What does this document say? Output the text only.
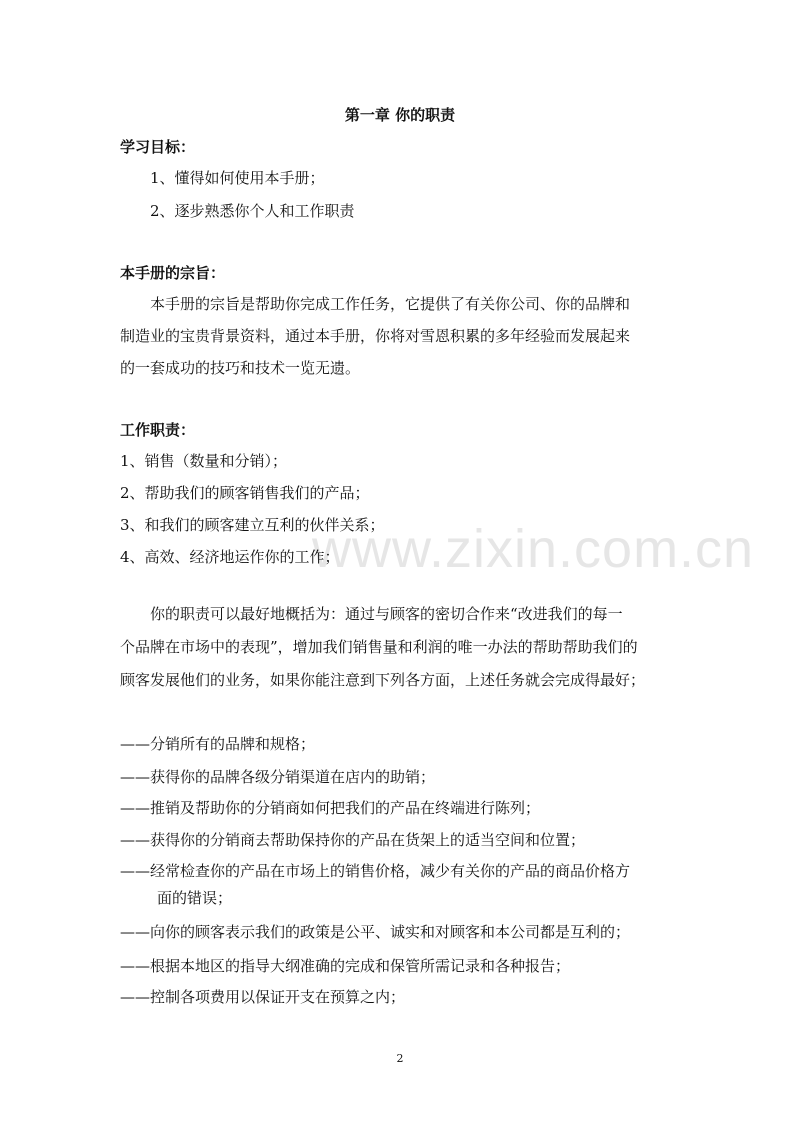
www.zixin.com.cn
第一章 你的职责
学习目标：
1、懂得如何使用本手册；
2、逐步熟悉你个人和工作职责
本手册的宗旨：
本手册的宗旨是帮助你完成工作任务，它提供了有关你公司、你的品牌和
制造业的宝贵背景资料，通过本手册，你将对雪恩积累的多年经验而发展起来
的一套成功的技巧和技术一览无遗。
工作职责：
1、销售（数量和分销）；
2、帮助我们的顾客销售我们的产品；
3、和我们的顾客建立互利的伙伴关系；
4、高效、经济地运作你的工作；
你的职责可以最好地概括为：通过与顾客的密切合作来“改进我们的每一
个品牌在市场中的表现”，增加我们销售量和利润的唯一办法的帮助帮助我们的
顾客发展他们的业务，如果你能注意到下列各方面，上述任务就会完成得最好；
——分销所有的品牌和规格；
——获得你的品牌各级分销渠道在店内的助销；
——推销及帮助你的分销商如何把我们的产品在终端进行陈列；
——获得你的分销商去帮助保持你的产品在货架上的适当空间和位置；
——经常检查你的产品在市场上的销售价格，减少有关你的产品的商品价格方
面的错误；
——向你的顾客表示我们的政策是公平、诚实和对顾客和本公司都是互利的；
——根据本地区的指导大纲准确的完成和保管所需记录和各种报告；
——控制各项费用以保证开支在预算之内；
2
